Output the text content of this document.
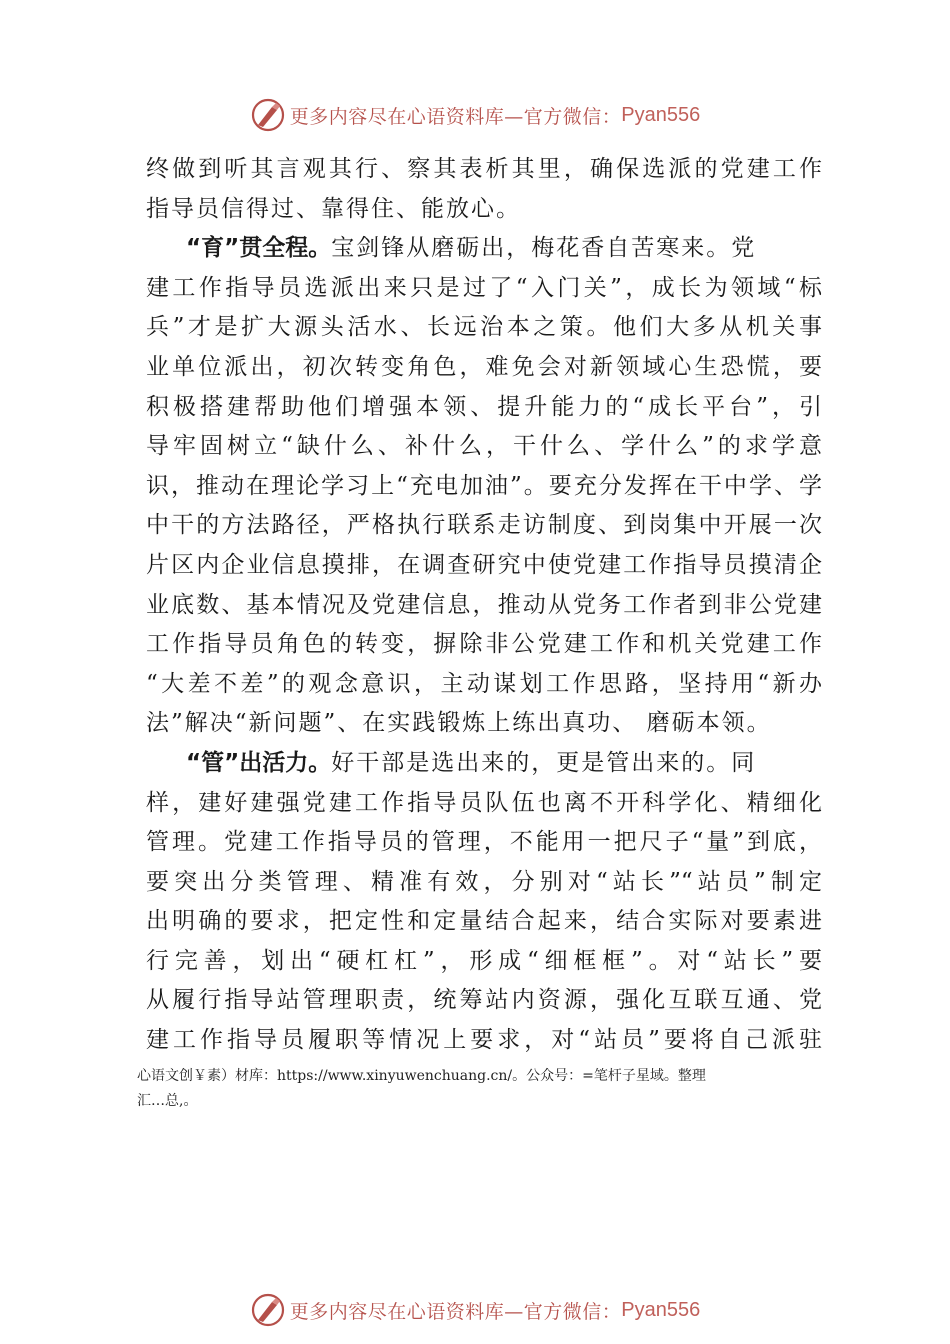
更多内容尽在心语资料库—官方微信： Pyan556
终做到听其言观其行、察其表析其里，确保选派的党建工作
指导员信得过、靠得住、能放心。
“育”贯全程。宝剑锋从磨砺出，梅花香自苦寒来。党
建工作指导员选派出来只是过了“入门关”，成长为领域“标
兵”才是扩大源头活水、长远治本之策。他们大多从机关事
业单位派出，初次转变角色，难免会对新领域心生恐慌，要
积极搭建帮助他们增强本领、提升能力的“成长平台”，引
导牢固树立“缺什么、补什么，干什么、学什么”的求学意
识，推动在理论学习上“充电加油”。要充分发挥在干中学、学
中干的方法路径，严格执行联系走访制度、到岗集中开展一次
片区内企业信息摸排，在调查研究中使党建工作指导员摸清企
业底数、基本情况及党建信息，推动从党务工作者到非公党建
工作指导员角色的转变，摒除非公党建工作和机关党建工作
“大差不差”的观念意识，主动谋划工作思路，坚持用“新办
法”解决“新问题”、在实践锻炼上练出真功、 磨砺本领。
“管”出活力。好干部是选出来的，更是管出来的。同
样，建好建强党建工作指导员队伍也离不开科学化、精细化
管理。党建工作指导员的管理，不能用一把尺子“量”到底，
要突出分类管理、精准有效，分别对“站长”“站员”制定
出明确的要求，把定性和定量结合起来，结合实际对要素进
行完善，划出“硬杠杠”，形成“细框框”。对“站长”要
从履行指导站管理职责，统筹站内资源，强化互联互通、党
建工作指导员履职等情况上要求，对“站员”要将自己派驻
心语文创￥素）材库：https://www.xinyuwenchuang.cn/。公众号：=笔杆子星域。整理
汇…总,。
更多内容尽在心语资料库—官方微信： Pyan556
